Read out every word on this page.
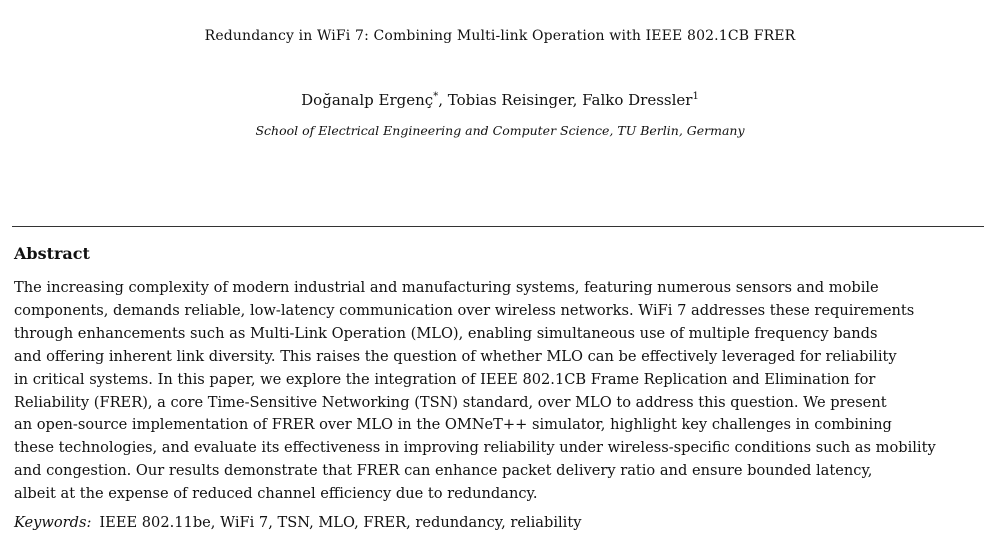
Redundancy in WiFi 7: Combining Multi-link Operation with IEEE 802.1CB FRER
Doğanalp Ergenç*, Tobias Reisinger, Falko Dressler$^1$
School of Electrical Engineering and Computer Science, TU Berlin, Germany
Abstract
The increasing complexity of modern industrial and manufacturing systems, featuring numerous sensors and mobile
components, demands reliable, low-latency communication over wireless networks. WiFi 7 addresses these requirements
through enhancements such as Multi-Link Operation (MLO), enabling simultaneous use of multiple frequency bands
and offering inherent link diversity. This raises the question of whether MLO can be effectively leveraged for reliability
in critical systems. In this paper, we explore the integration of IEEE 802.1CB Frame Replication and Elimination for
Reliability (FRER), a core Time-Sensitive Networking (TSN) standard, over MLO to address this question. We present
an open-source implementation of FRER over MLO in the OMNeT++ simulator, highlight key challenges in combining
these technologies, and evaluate its effectiveness in improving reliability under wireless-specific conditions such as mobility
and congestion. Our results demonstrate that FRER can enhance packet delivery ratio and ensure bounded latency,
albeit at the expense of reduced channel efficiency due to redundancy.
Keywords: IEEE 802.11be, WiFi 7, TSN, MLO, FRER, redundancy, reliability
